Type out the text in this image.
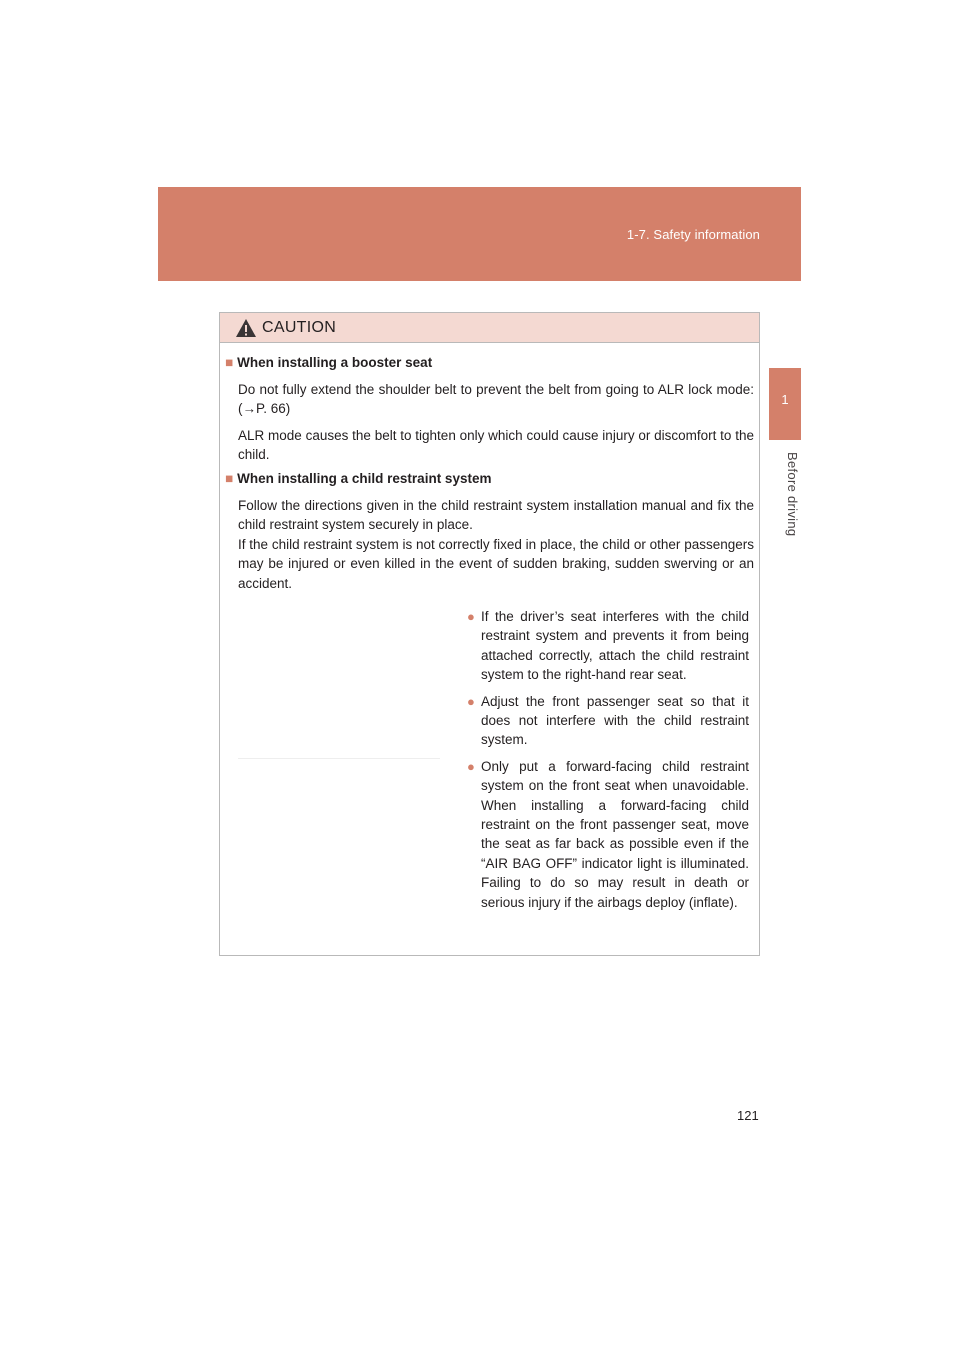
1-7. Safety information
1
Before driving
CAUTION
■ When installing a booster seat
Do not fully extend the shoulder belt to prevent the belt from going to ALR lock mode: (→P. 66)
ALR mode causes the belt to tighten only which could cause injury or discomfort to the child.
■ When installing a child restraint system
Follow the directions given in the child restraint system installation manual and fix the child restraint system securely in place.
If the child restraint system is not correctly fixed in place, the child or other passengers may be injured or even killed in the event of sudden braking, sudden swerving or an accident.
● If the driver’s seat interferes with the child restraint system and prevents it from being attached correctly, attach the child restraint system to the right-hand rear seat.
● Adjust the front passenger seat so that it does not interfere with the child restraint system.
● Only put a forward-facing child restraint system on the front seat when unavoidable. When installing a forward-facing child restraint on the front passenger seat, move the seat as far back as possible even if the “AIR BAG OFF” indicator light is illuminated. Failing to do so may result in death or serious injury if the airbags deploy (inflate).
121
